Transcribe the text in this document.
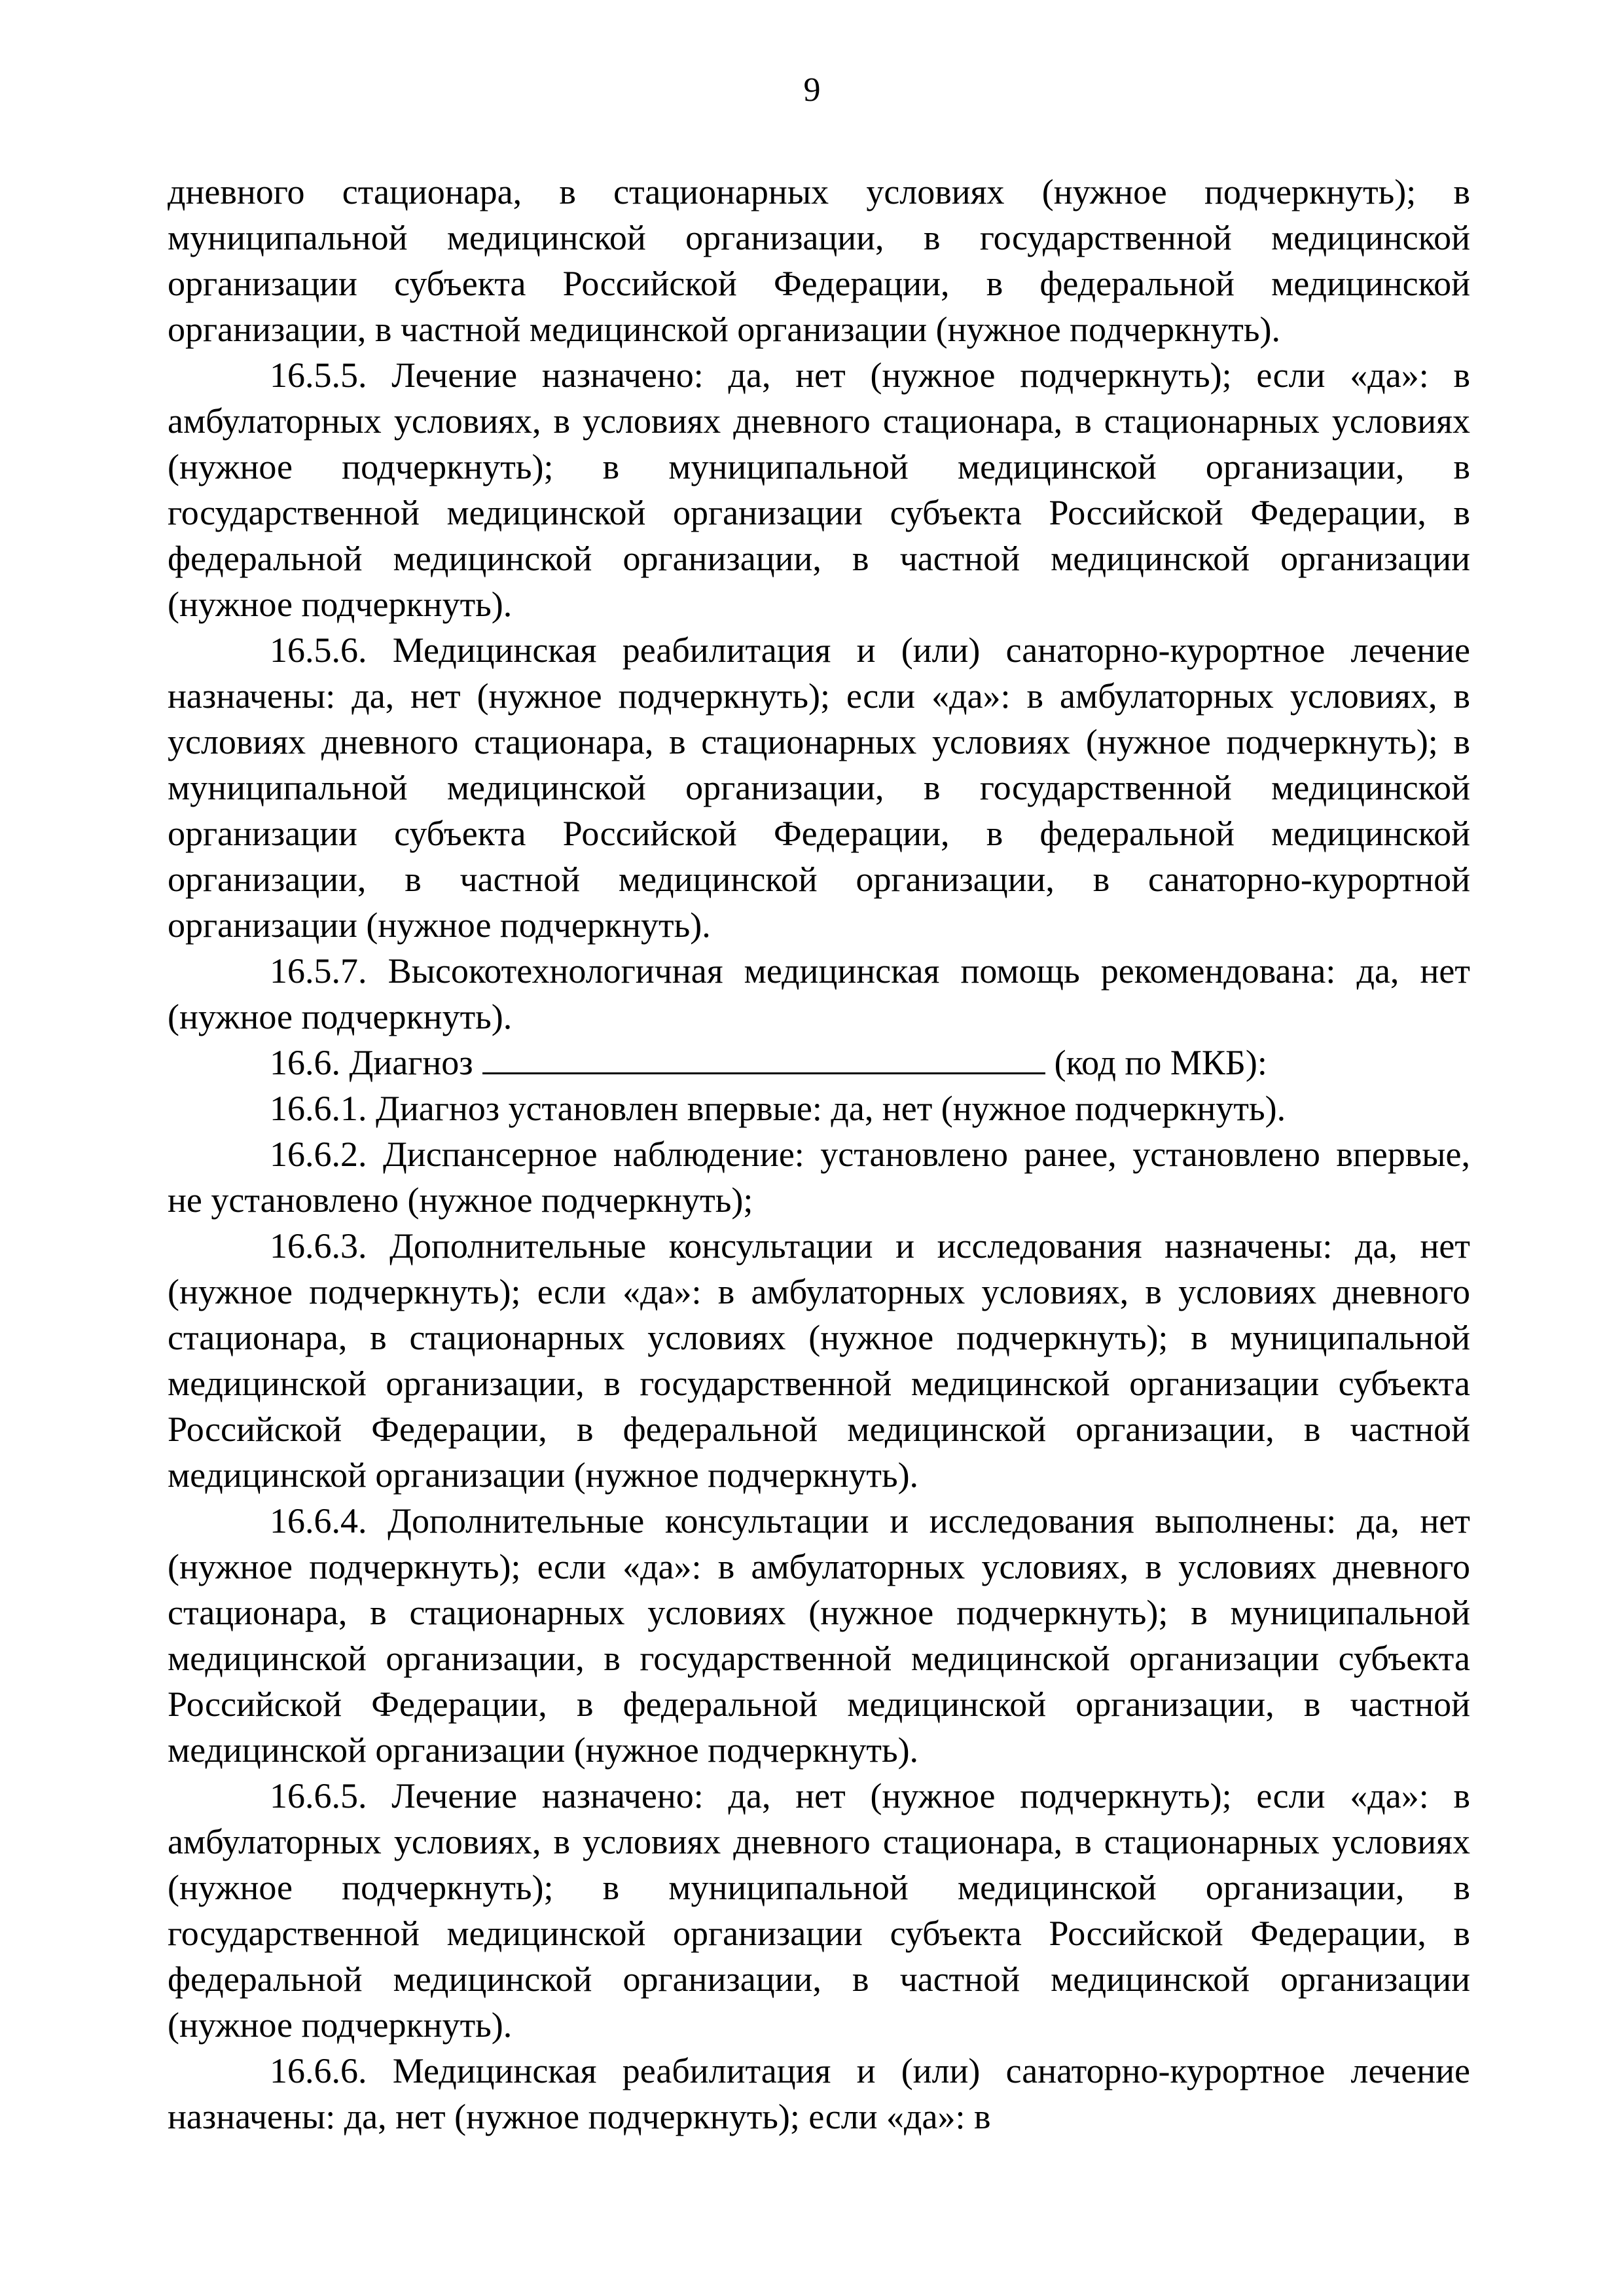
9

дневного стационара, в стационарных условиях (нужное подчеркнуть); в муниципальной медицинской организации, в государственной медицинской организации субъекта Российской Федерации, в федеральной медицинской организации, в частной медицинской организации (нужное подчеркнуть).

16.5.5. Лечение назначено: да, нет (нужное подчеркнуть); если «да»: в амбулаторных условиях, в условиях дневного стационара, в стационарных условиях (нужное подчеркнуть); в муниципальной медицинской организации, в государственной медицинской организации субъекта Российской Федерации, в федеральной медицинской организации, в частной медицинской организации (нужное подчеркнуть).

16.5.6. Медицинская реабилитация и (или) санаторно-курортное лечение назначены: да, нет (нужное подчеркнуть); если «да»: в амбулаторных условиях, в условиях дневного стационара, в стационарных условиях (нужное подчеркнуть); в муниципальной медицинской организации, в государственной медицинской организации субъекта Российской Федерации, в федеральной медицинской организации, в частной медицинской организации, в санаторно-курортной организации (нужное подчеркнуть).

16.5.7. Высокотехнологичная медицинская помощь рекомендована: да, нет (нужное подчеркнуть).

16.6. Диагноз	(код по МКБ):

16.6.1. Диагноз установлен впервые: да, нет (нужное подчеркнуть).

16.6.2. Диспансерное наблюдение: установлено ранее, установлено впервые, не установлено (нужное подчеркнуть);

16.6.3. Дополнительные консультации и исследования назначены: да, нет (нужное подчеркнуть); если «да»: в амбулаторных условиях, в условиях дневного стационара, в стационарных условиях (нужное подчеркнуть); в муниципальной медицинской организации, в государственной медицинской организации субъекта Российской Федерации, в федеральной медицинской организации, в частной медицинской организации (нужное подчеркнуть).

16.6.4. Дополнительные консультации и исследования выполнены: да, нет (нужное подчеркнуть); если «да»: в амбулаторных условиях, в условиях дневного стационара, в стационарных условиях (нужное подчеркнуть); в муниципальной медицинской организации, в государственной медицинской организации субъекта Российской Федерации, в федеральной медицинской организации, в частной медицинской организации (нужное подчеркнуть).

16.6.5. Лечение назначено: да, нет (нужное подчеркнуть); если «да»: в амбулаторных условиях, в условиях дневного стационара, в стационарных условиях (нужное подчеркнуть); в муниципальной медицинской организации, в государственной медицинской организации субъекта Российской Федерации, в федеральной медицинской организации, в частной медицинской организации (нужное подчеркнуть).

16.6.6. Медицинская реабилитация и (или) санаторно-курортное лечение назначены: да, нет (нужное подчеркнуть); если «да»: в
